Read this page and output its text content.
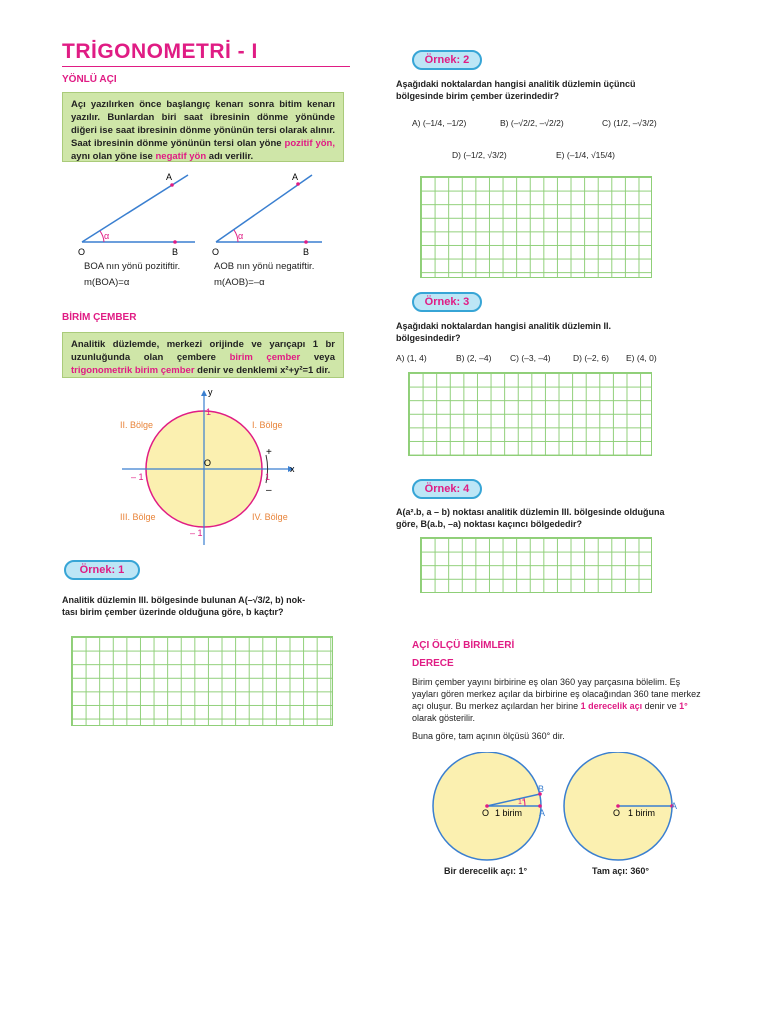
TRİGONOMETRİ - I
YÖNLÜ AÇI
Açı yazılırken önce başlangıç kenarı sonra bitim kenarı yazılır. Bunlardan biri saat ibresinin dönme yönünde diğeri ise saat ibresinin dönme yönünün tersi olarak alınır. Saat ibresinin dönme yönünün tersi olan yöne pozitif yön, aynı olan yöne ise negatif yön adı verilir.
A
O	B
α
A
O	B
α
BOA nın yönü pozitiftir.
m(BOA)=α
AOB nın yönü negatiftir.
m(AOB)=–α
BİRİM ÇEMBER
Analitik düzlemde, merkezi orijinde ve yarıçapı 1 br uzunluğunda olan çembere birim çember veya trigonometrik birim çember denir ve denklemi x²+y²=1 dir.
y
x
O
1
1
– 1
– 1
+
–
II. Bölge	I. Bölge
III. Bölge	IV. Bölge
Örnek: 1
Analitik düzlemin III. bölgesinde bulunan A(–√3/2, b) nok-
tası birim çember üzerinde olduğuna göre, b kaçtır?
Örnek: 2
Aşağıdaki noktalardan hangisi analitik düzlemin üçüncü bölgesinde birim çember üzerindedir?
A) (–1/4, –1/2)	B) (–√2/2, –√2/2)	C) (1/2, –√3/2)
D) (–1/2, √3/2)	E) (–1/4, √15/4)
Örnek: 3
Aşağıdaki noktalardan hangisi analitik düzlemin II. bölgesindedir?
A) (1, 4)	B) (2, –4) C) (–3, –4)	D) (–2, 6) E) (4, 0)
Örnek: 4
A(a².b, a – b) noktası analitik düzlemin III. bölgesinde olduğuna göre, B(a.b, –a) noktası kaçıncı bölgededir?
AÇI ÖLÇÜ BİRİMLERİ
DERECE
Birim çember yayını birbirine eş olan 360 yay parçasına bölelim. Eş yayları gören merkez açılar da birbirine eş olacağından 360 tane merkez açı oluşur. Bu merkez açılardan her birine 1 derecelik açı denir ve 1° olarak gösterilir.
Buna göre, tam açının ölçüsü 360° dir.
O	A
B
1 birim
1°
O
A
1 birim
Bir derecelik açı: 1°	Tam açı: 360°
